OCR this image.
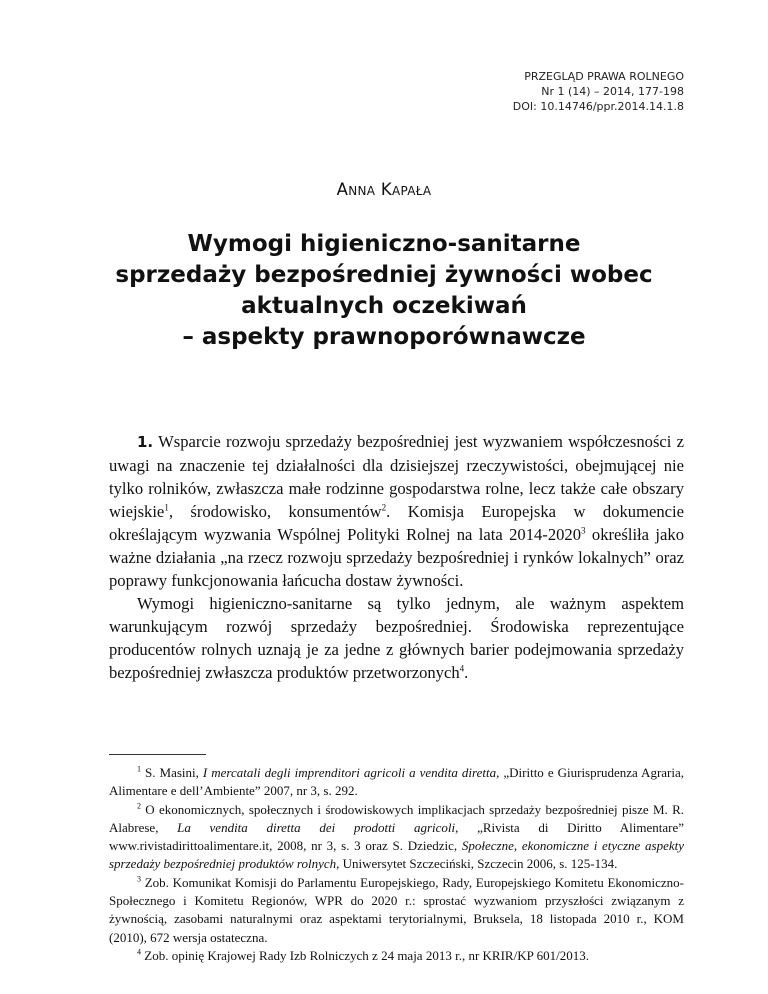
PRZEGLĄD PRAWA ROLNEGO
Nr 1 (14) – 2014, 177-198
DOI: 10.14746/ppr.2014.14.1.8
Anna Kapała
Wymogi higieniczno-sanitarne
sprzedaży bezpośredniej żywności wobec
aktualnych oczekiwań
– aspekty prawnoporównawcze

1. Wsparcie rozwoju sprzedaży bezpośredniej jest wyzwaniem współczesności z uwagi na znaczenie tej działalności dla dzisiejszej rzeczywistości, obejmującej nie tylko rolników, zwłaszcza małe rodzinne gospodarstwa rolne, lecz także całe obszary wiejskie$^1$, środowisko, konsumentów$^2$. Komisja Europejska w dokumencie określającym wyzwania Wspólnej Polityki Rolnej na lata 2014-2020$^3$ określiła jako ważne działania „na rzecz rozwoju sprzedaży bezpośredniej i rynków lokalnych” oraz poprawy funkcjonowania łańcucha dostaw żywności.

Wymogi higieniczno-sanitarne są tylko jednym, ale ważnym aspektem warunkującym rozwój sprzedaży bezpośredniej. Środowiska reprezentujące producentów rolnych uznają je za jedne z głównych barier podejmowania sprzedaży bezpośredniej zwłaszcza produktów przetworzonych$^4$.

$^1$ S. Masini, I mercatali degli imprenditori agricoli a vendita diretta, „Diritto e Giurisprudenza Agraria, Alimentare e dell’Ambiente” 2007, nr 3, s. 292.

$^2$ O ekonomicznych, społecznych i środowiskowych implikacjach sprzedaży bezpośredniej pisze M. R. Alabrese, La vendita diretta dei prodotti agricoli, „Rivista di Diritto Alimentare” www.rivistadirittoalimentare.it, 2008, nr 3, s. 3 oraz S. Dziedzic, Społeczne, ekonomiczne i etyczne aspekty sprzedaży bezpośredniej produktów rolnych, Uniwersytet Szczeciński, Szczecin 2006, s. 125-134.

$^3$ Zob. Komunikat Komisji do Parlamentu Europejskiego, Rady, Europejskiego Komitetu Ekonomiczno-Społecznego i Komitetu Regionów, WPR do 2020 r.: sprostać wyzwaniom przyszłości związanym z żywnością, zasobami naturalnymi oraz aspektami terytorialnymi, Bruksela, 18 listopada 2010 r., KOM (2010), 672 wersja ostateczna.

$^4$ Zob. opinię Krajowej Rady Izb Rolniczych z 24 maja 2013 r., nr KRIR/KP 601/2013.
